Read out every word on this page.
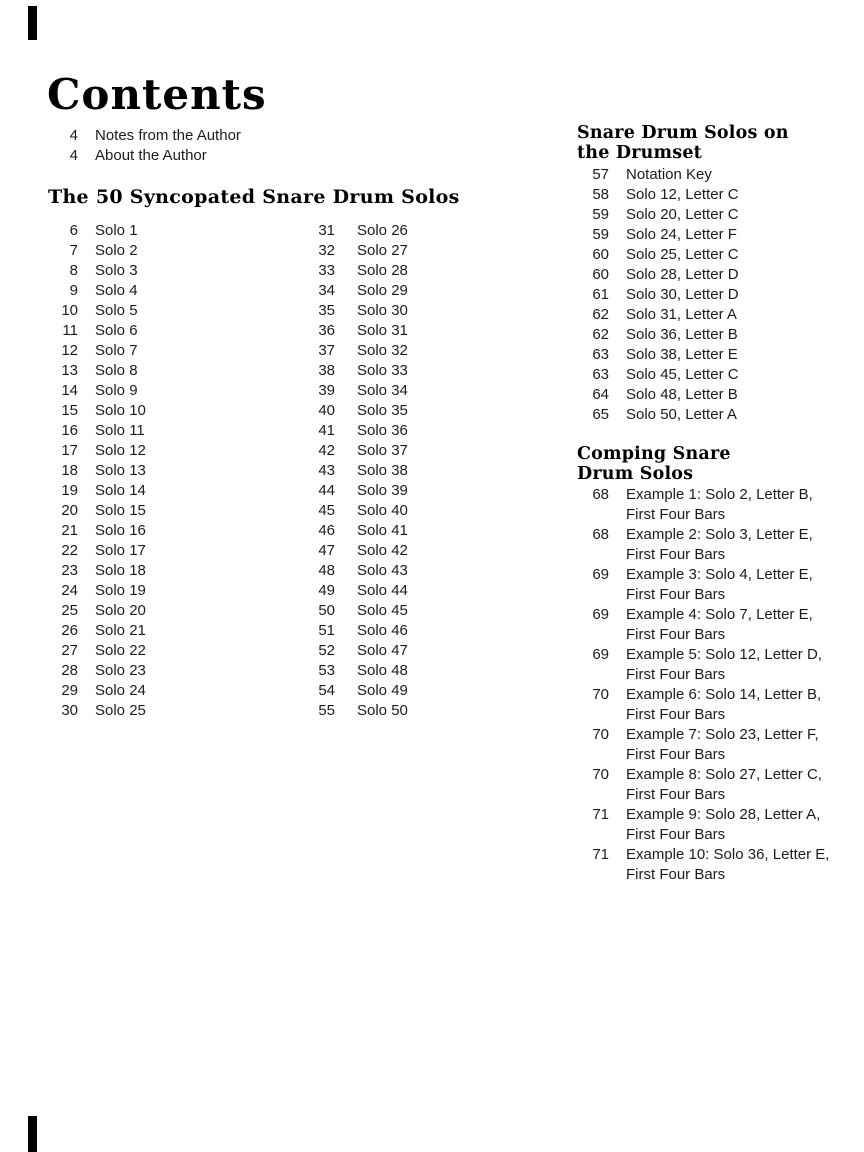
Contents
4 Notes from the Author
4 About the Author
The 50 Syncopated Snare Drum Solos
6 Solo 1
7 Solo 2
8 Solo 3
9 Solo 4
10 Solo 5
11 Solo 6
12 Solo 7
13 Solo 8
14 Solo 9
15 Solo 10
16 Solo 11
17 Solo 12
18 Solo 13
19 Solo 14
20 Solo 15
21 Solo 16
22 Solo 17
23 Solo 18
24 Solo 19
25 Solo 20
26 Solo 21
27 Solo 22
28 Solo 23
29 Solo 24
30 Solo 25
31 Solo 26
32 Solo 27
33 Solo 28
34 Solo 29
35 Solo 30
36 Solo 31
37 Solo 32
38 Solo 33
39 Solo 34
40 Solo 35
41 Solo 36
42 Solo 37
43 Solo 38
44 Solo 39
45 Solo 40
46 Solo 41
47 Solo 42
48 Solo 43
49 Solo 44
50 Solo 45
51 Solo 46
52 Solo 47
53 Solo 48
54 Solo 49
55 Solo 50
Snare Drum Solos on
the Drumset
57 Notation Key
58 Solo 12, Letter C
59 Solo 20, Letter C
59 Solo 24, Letter F
60 Solo 25, Letter C
60 Solo 28, Letter D
61 Solo 30, Letter D
62 Solo 31, Letter A
62 Solo 36, Letter B
63 Solo 38, Letter E
63 Solo 45, Letter C
64 Solo 48, Letter B
65 Solo 50, Letter A
Comping Snare
Drum Solos
68 Example 1: Solo 2, Letter B,
First Four Bars
68 Example 2: Solo 3, Letter E,
First Four Bars
69 Example 3: Solo 4, Letter E,
First Four Bars
69 Example 4: Solo 7, Letter E,
First Four Bars
69 Example 5: Solo 12, Letter D,
First Four Bars
70 Example 6: Solo 14, Letter B,
First Four Bars
70 Example 7: Solo 23, Letter F,
First Four Bars
70 Example 8: Solo 27, Letter C,
First Four Bars
71 Example 9: Solo 28, Letter A,
First Four Bars
71 Example 10: Solo 36, Letter E,
First Four Bars
